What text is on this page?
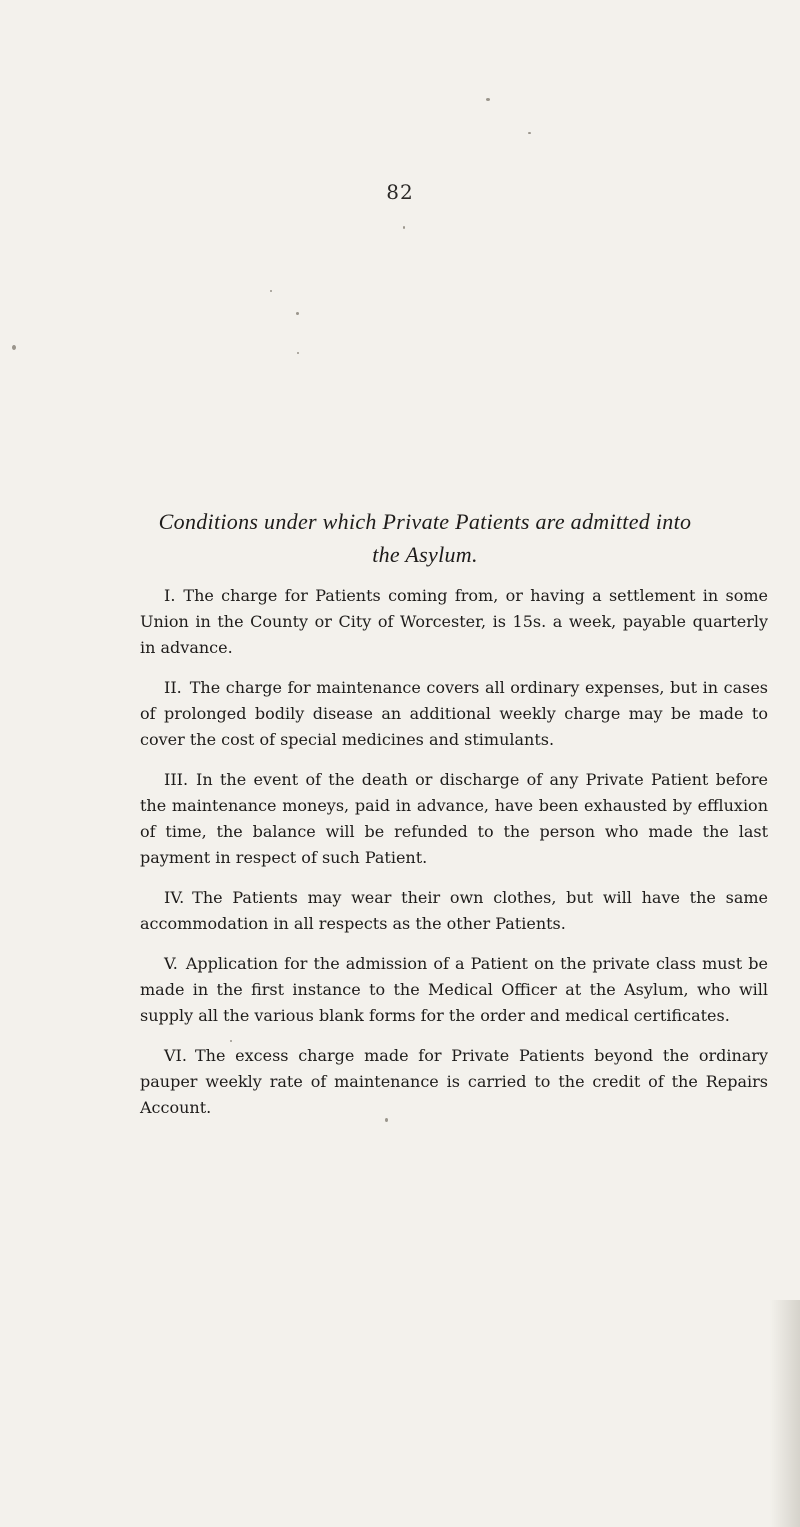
82
Conditions under which Private Patients are admitted into
the Asylum.

I. The charge for Patients coming from, or having a settlement in some Union in the County or City of Worcester, is 15s. a week, payable quarterly in advance.

II. The charge for maintenance covers all ordinary expenses, but in cases of prolonged bodily disease an additional weekly charge may be made to cover the cost of special medicines and stimulants.

III. In the event of the death or discharge of any Private Patient before the maintenance moneys, paid in advance, have been exhausted by effluxion of time, the balance will be refunded to the person who made the last payment in respect of such Patient.

IV. The Patients may wear their own clothes, but will have the same accommodation in all respects as the other Patients.

V. Application for the admission of a Patient on the private class must be made in the first instance to the Medical Officer at the Asylum, who will supply all the various blank forms for the order and medical certificates.

VI. The excess charge made for Private Patients beyond the ordinary pauper weekly rate of maintenance is carried to the credit of the Repairs Account.
